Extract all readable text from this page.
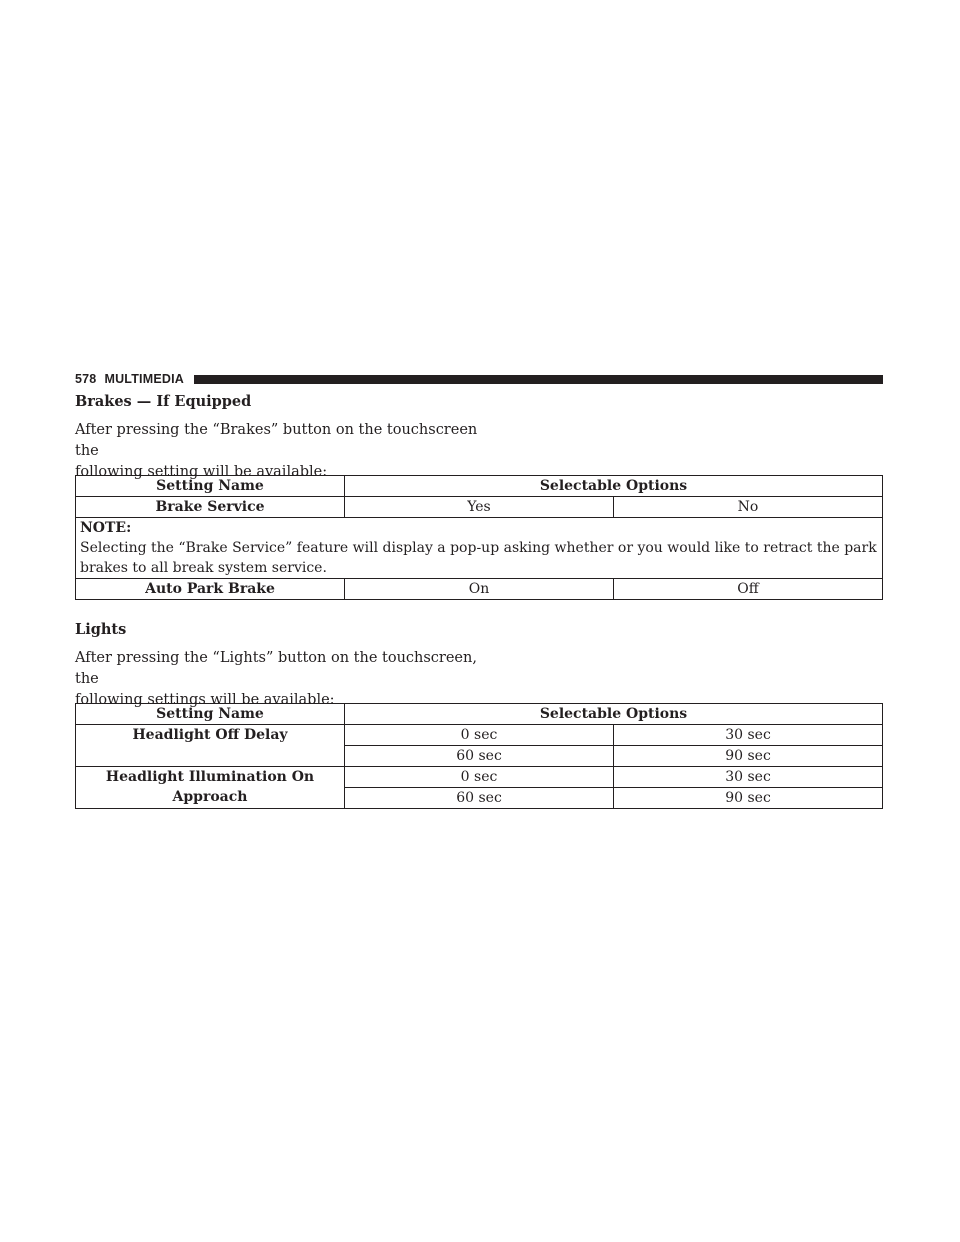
578 MULTIMEDIA
Brakes — If Equipped
After pressing the “Brakes” button on the touchscreen the
following setting will be available:
Setting Name	Selectable Options	
Brake Service	Yes	No

NOTE:
Selecting the “Brake Service” feature will display a pop-up asking whether or you would like to retract the park
brakes to all break system service.		

Auto Park Brake	On	Off
Lights
After pressing the “Lights” button on the touchscreen, the
following settings will be available:
Setting Name	Selectable Options	
Headlight Off Delay	0 sec	30 sec
	60 sec	90 sec

Headlight Illumination On
Approach	0 sec	30 sec
	60 sec	90 sec
